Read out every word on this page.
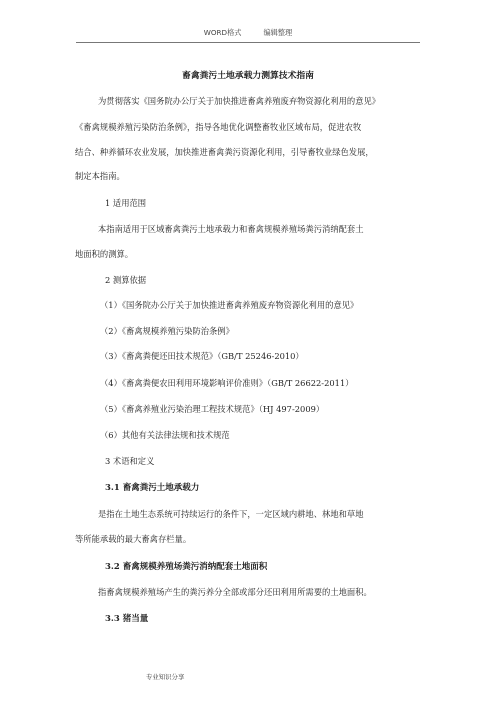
WORD格式	编辑整理
畜禽粪污土地承载力测算技术指南
为贯彻落实《国务院办公厅关于加快推进畜禽养殖废弃物资源化利用的意见》
《畜禽规模养殖污染防治条例》，指导各地优化调整畜牧业区域布局，促进农牧
结合、种养循环农业发展，加快推进畜禽粪污资源化利用，引导畜牧业绿色发展，
制定本指南。
1 适用范围
本指南适用于区域畜禽粪污土地承载力和畜禽规模养殖场粪污消纳配套土
地面积的测算。
2 测算依据
（1）《国务院办公厅关于加快推进畜禽养殖废弃物资源化利用的意见》
（2）《畜禽规模养殖污染防治条例》
（3）《畜禽粪便还田技术规范》（GB/T 25246-2010）
（4）《畜禽粪便农田利用环境影响评价准则》（GB/T 26622-2011）
（5）《畜禽养殖业污染治理工程技术规范》（HJ 497-2009）
（6）其他有关法律法规和技术规范
3 术语和定义
3.1 畜禽粪污土地承载力
是指在土地生态系统可持续运行的条件下，一定区域内耕地、林地和草地
等所能承载的最大畜禽存栏量。
3.2 畜禽规模养殖场粪污消纳配套土地面积
指畜禽规模养殖场产生的粪污养分全部或部分还田利用所需要的土地面积。
3.3 猪当量
专业知识分享
